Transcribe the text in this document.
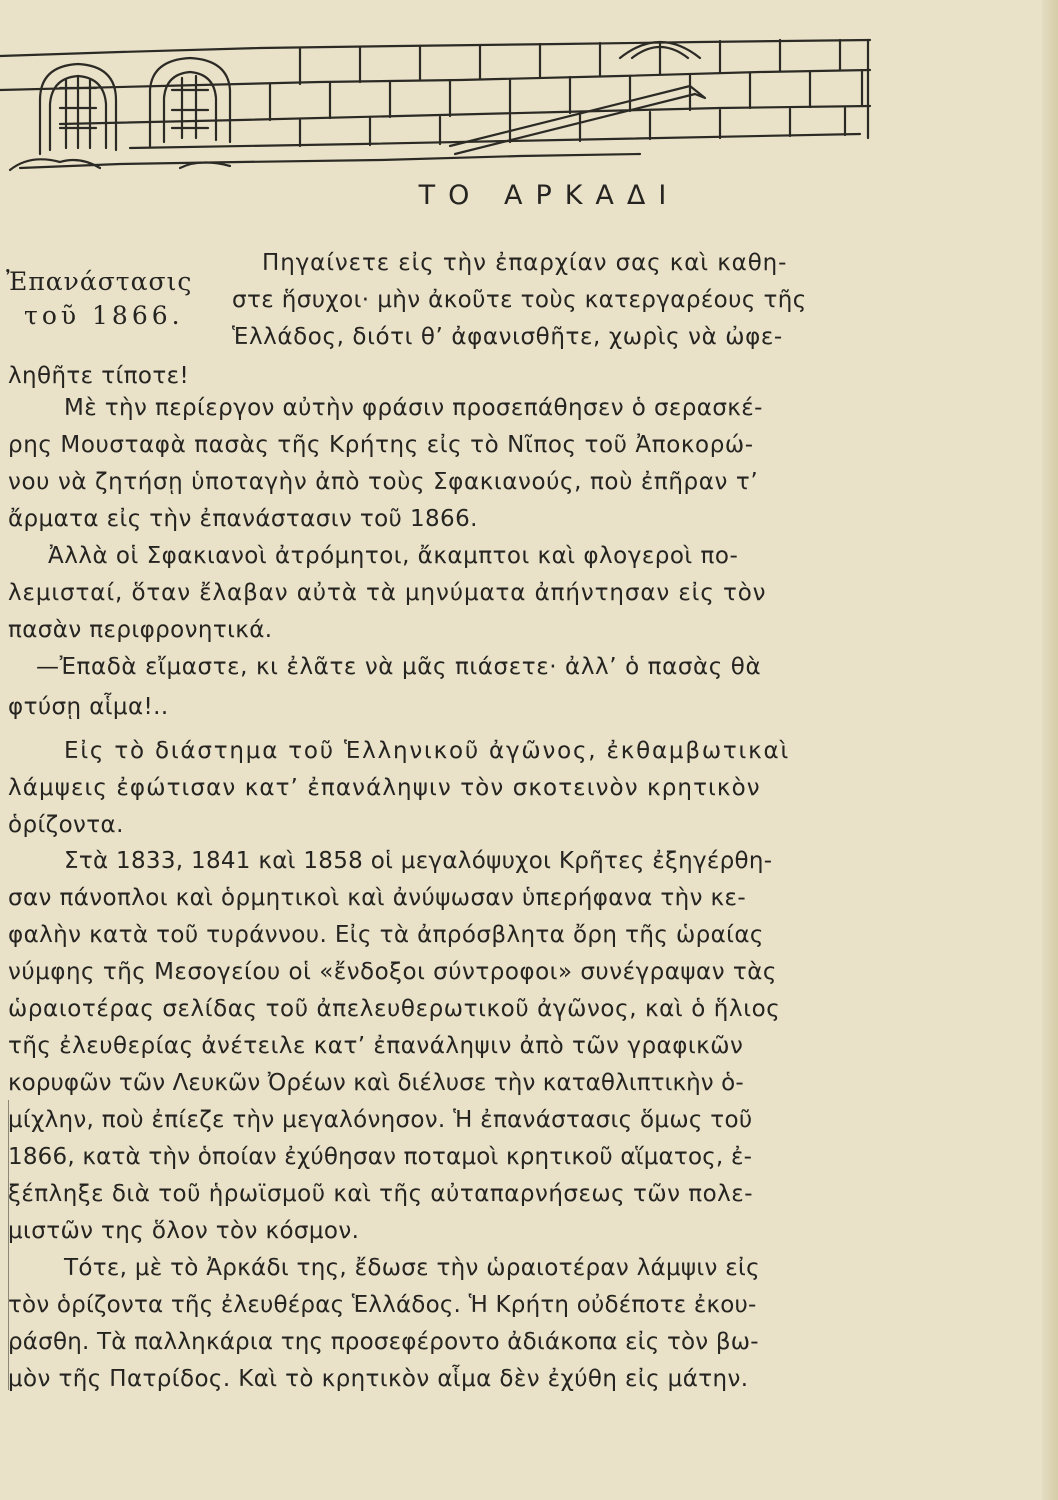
ΤΟ ΑΡΚΑΔΙ
Ἐπανάστασις
τοῦ 1866.
Πηγαίνετε εἰς τὴν ἐπαρχίαν σας καὶ καθη-
στε ἥσυχοι· μὴν ἀκοῦτε τοὺς κατεργαρέους τῆς
Ἑλλάδος, διότι θ’ ἀφανισθῆτε, χωρὶς νὰ ὠφε-
ληθῆτε τίποτε!
Μὲ τὴν περίεργον αὐτὴν φράσιν προσεπάθησεν ὁ σερασκέ-
ρης Μουσταφὰ πασὰς τῆς Κρήτης εἰς τὸ Νῖπος τοῦ Ἀποκορώ-
νου νὰ ζητήσῃ ὑποταγὴν ἀπὸ τοὺς Σφακιανούς, ποὺ ἐπῆραν τ’
ἄρματα εἰς τὴν ἐπανάστασιν τοῦ 1866.
Ἀλλὰ οἱ Σφακιανοὶ ἀτρόμητοι, ἄκαμπτοι καὶ φλογεροὶ πο-
λεμισταί, ὅταν ἔλαβαν αὐτὰ τὰ μηνύματα ἀπήντησαν εἰς τὸν
πασὰν περιφρονητικά.
—Ἐπαδὰ εἴμαστε, κι ἐλᾶτε νὰ μᾶς πιάσετε· ἀλλ’ ὁ πασὰς θὰ
φτύσῃ αἷμα!..
Εἰς τὸ διάστημα τοῦ Ἑλληνικοῦ ἀγῶνος, ἐκθαμβωτικαὶ
λάμψεις ἐφώτισαν κατ’ ἐπανάληψιν τὸν σκοτεινὸν κρητικὸν
ὁρίζοντα.
Στὰ 1833, 1841 καὶ 1858 οἱ μεγαλόψυχοι Κρῆτες ἐξηγέρθη-
σαν πάνοπλοι καὶ ὁρμητικοὶ καὶ ἀνύψωσαν ὑπερήφανα τὴν κε-
φαλὴν κατὰ τοῦ τυράννου. Εἰς τὰ ἀπρόσβλητα ὄρη τῆς ὡραίας
νύμφης τῆς Μεσογείου οἱ «ἔνδοξοι σύντροφοι» συνέγραψαν τὰς
ὡραιοτέρας σελίδας τοῦ ἀπελευθερωτικοῦ ἀγῶνος, καὶ ὁ ἥλιος
τῆς ἐλευθερίας ἀνέτειλε κατ’ ἐπανάληψιν ἀπὸ τῶν γραφικῶν
κορυφῶν τῶν Λευκῶν Ὀρέων καὶ διέλυσε τὴν καταθλιπτικὴν ὁ-
μίχλην, ποὺ ἐπίεζε τὴν μεγαλόνησον. Ἡ ἐπανάστασις ὅμως τοῦ
1866, κατὰ τὴν ὁποίαν ἐχύθησαν ποταμοὶ κρητικοῦ αἵματος, ἐ-
ξέπληξε διὰ τοῦ ἡρωϊσμοῦ καὶ τῆς αὐταπαρνήσεως τῶν πολε-
μιστῶν της ὅλον τὸν κόσμον.
Τότε, μὲ τὸ Ἀρκάδι της, ἔδωσε τὴν ὡραιοτέραν λάμψιν εἰς
τὸν ὁρίζοντα τῆς ἐλευθέρας Ἑλλάδος. Ἡ Κρήτη οὐδέποτε ἐκου-
ράσθη. Τὰ παλληκάρια της προσεφέροντο ἀδιάκοπα εἰς τὸν βω-
μὸν τῆς Πατρίδος. Καὶ τὸ κρητικὸν αἷμα δὲν ἐχύθη εἰς μάτην.
